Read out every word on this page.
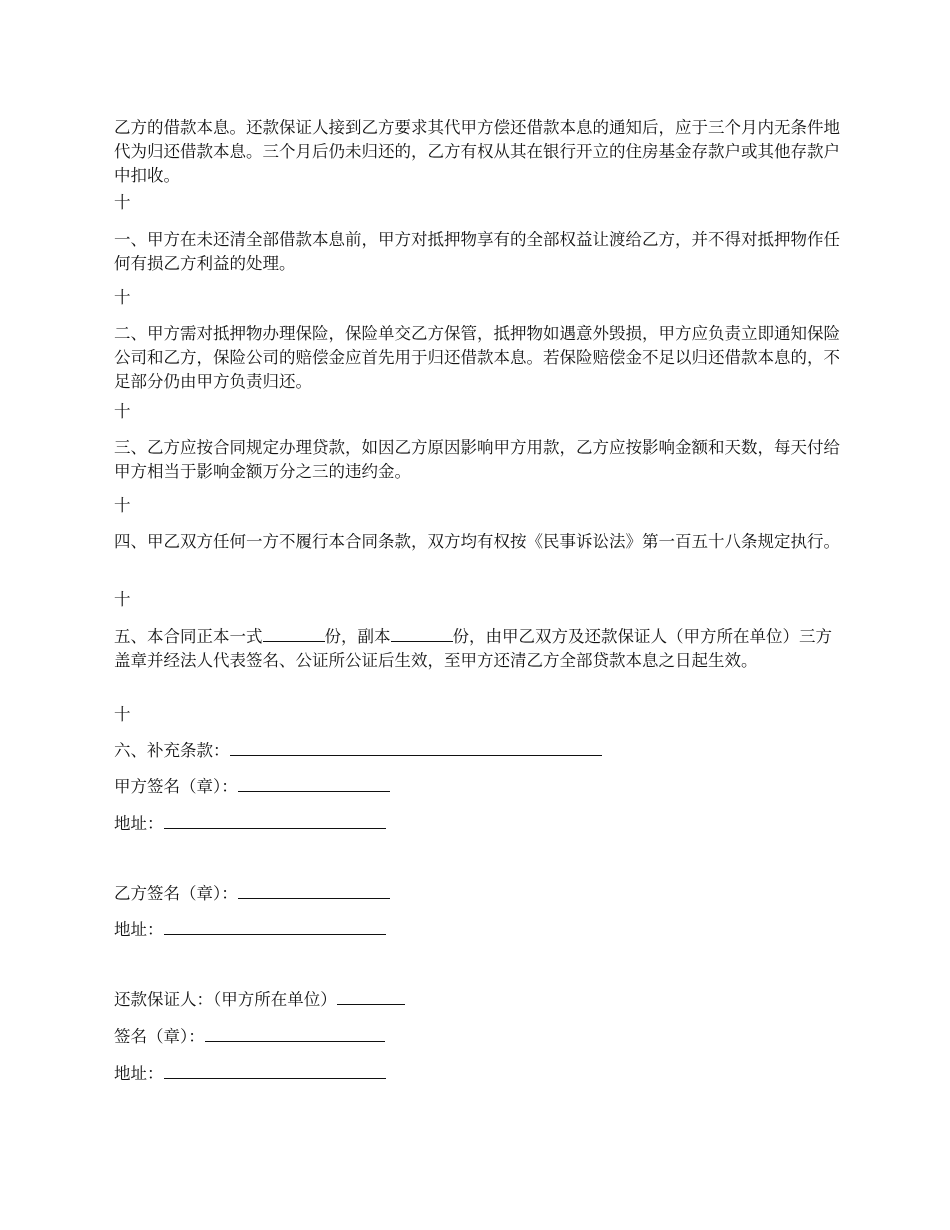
乙方的借款本息。还款保证人接到乙方要求其代甲方偿还借款本息的通知后，应于三个月内无条件地代为归还借款本息。三个月后仍未归还的，乙方有权从其在银行开立的住房基金存款户或其他存款户中扣收。

十

一、甲方在未还清全部借款本息前，甲方对抵押物享有的全部权益让渡给乙方，并不得对抵押物作任何有损乙方利益的处理。

十

二、甲方需对抵押物办理保险，保险单交乙方保管，抵押物如遇意外毁损，甲方应负责立即通知保险公司和乙方，保险公司的赔偿金应首先用于归还借款本息。若保险赔偿金不足以归还借款本息的，不足部分仍由甲方负责归还。

十

三、乙方应按合同规定办理贷款，如因乙方原因影响甲方用款，乙方应按影响金额和天数，每天付给甲方相当于影响金额万分之三的违约金。

十

四、甲乙双方任何一方不履行本合同条款，双方均有权按《民事诉讼法》第一百五十八条规定执行。

十

五、本合同正本一式	份，副本	份，由甲乙双方及还款保证人（甲方所在单位）三方盖章并经法人代表签名、公证所公证后生效，至甲方还清乙方全部贷款本息之日起生效。

十

六、补充条款：

甲方签名（章）：

地址：

乙方签名（章）：

地址：

还款保证人：（甲方所在单位）

签名（章）：

地址：
